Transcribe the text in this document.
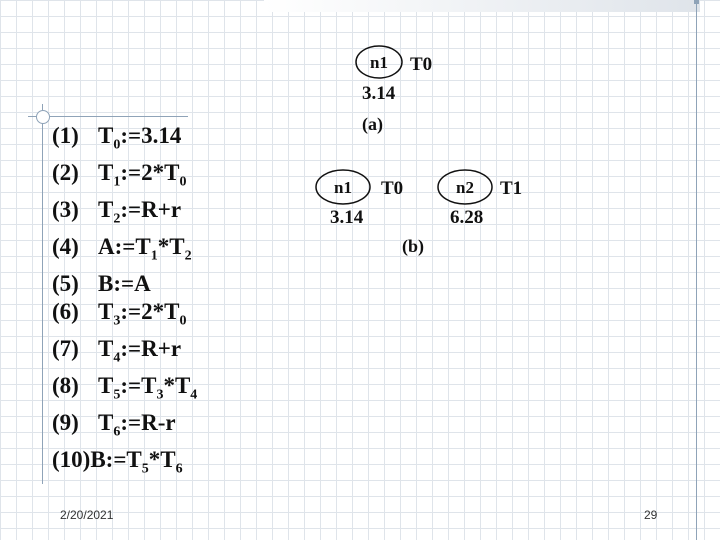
(1) $T_0:=3.14$
(2) $T_1:=2*T_0$
(3) $T_2:=R+r$
(4) $A:=T_1*T_2$
(5) B:=A
(6) $T_3:=2*T_0$
(7) $T_4:=R+r$
(8) $T_5:=T_3*T_4$
(9) $T_6:=R-r$
$(10)B:=T_5*T_6$
n1 T0
3.14
(a)
n1 T0
3.14
n2 T1
6.28
(b)
2/20/2021	29
